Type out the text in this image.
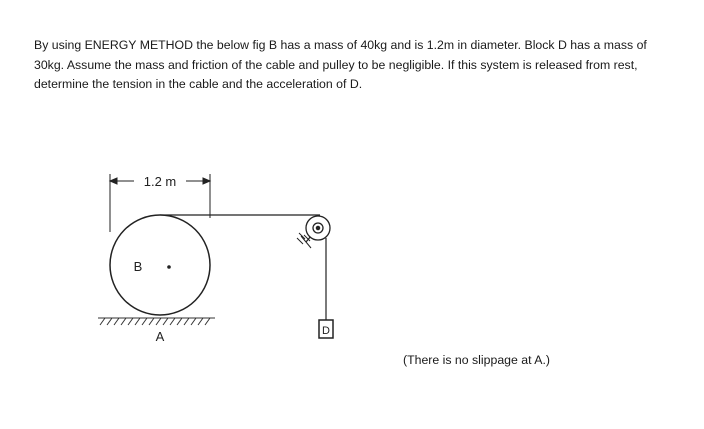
By using ENERGY METHOD the below fig B has a mass of 40kg and is 1.2m in diameter. Block D has a mass of 30kg. Assume the mass and friction of the cable and pulley to be negligible. If this system is released from rest, determine the tension in the cable and the acceleration of D.

1.2 m
B
A	D
(There is no slippage at A.)
